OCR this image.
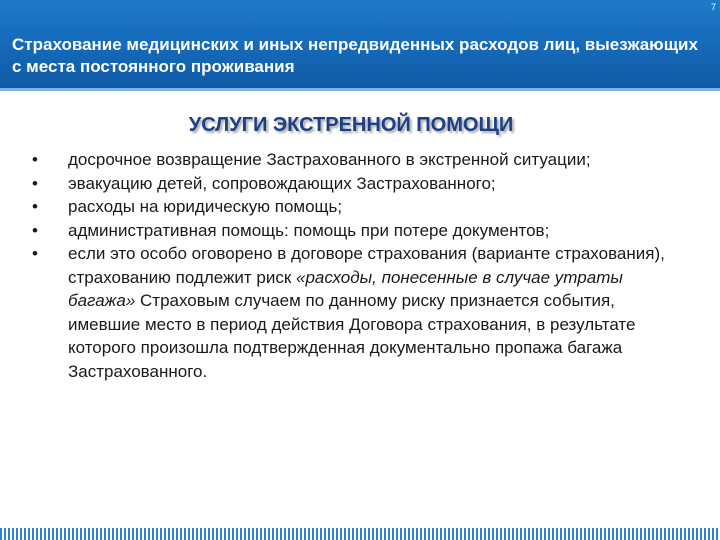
7
Страхование медицинских и иных непредвиденных расходов лиц, выезжающих с места постоянного проживания
УСЛУГИ ЭКСТРЕННОЙ ПОМОЩИ
• досрочное возвращение Застрахованного в экстренной ситуации;
• эвакуацию детей, сопровождающих Застрахованного;
• расходы на юридическую помощь;
• административная помощь: помощь при потере документов;
• если это особо оговорено в договоре страхования (варианте страхования), страхованию подлежит риск «расходы, понесенные в случае утраты багажа» Страховым случаем по данному риску признается события, имевшие место в период действия Договора страхования, в результате которого произошла подтвержденная документально пропажа багажа Застрахованного.
